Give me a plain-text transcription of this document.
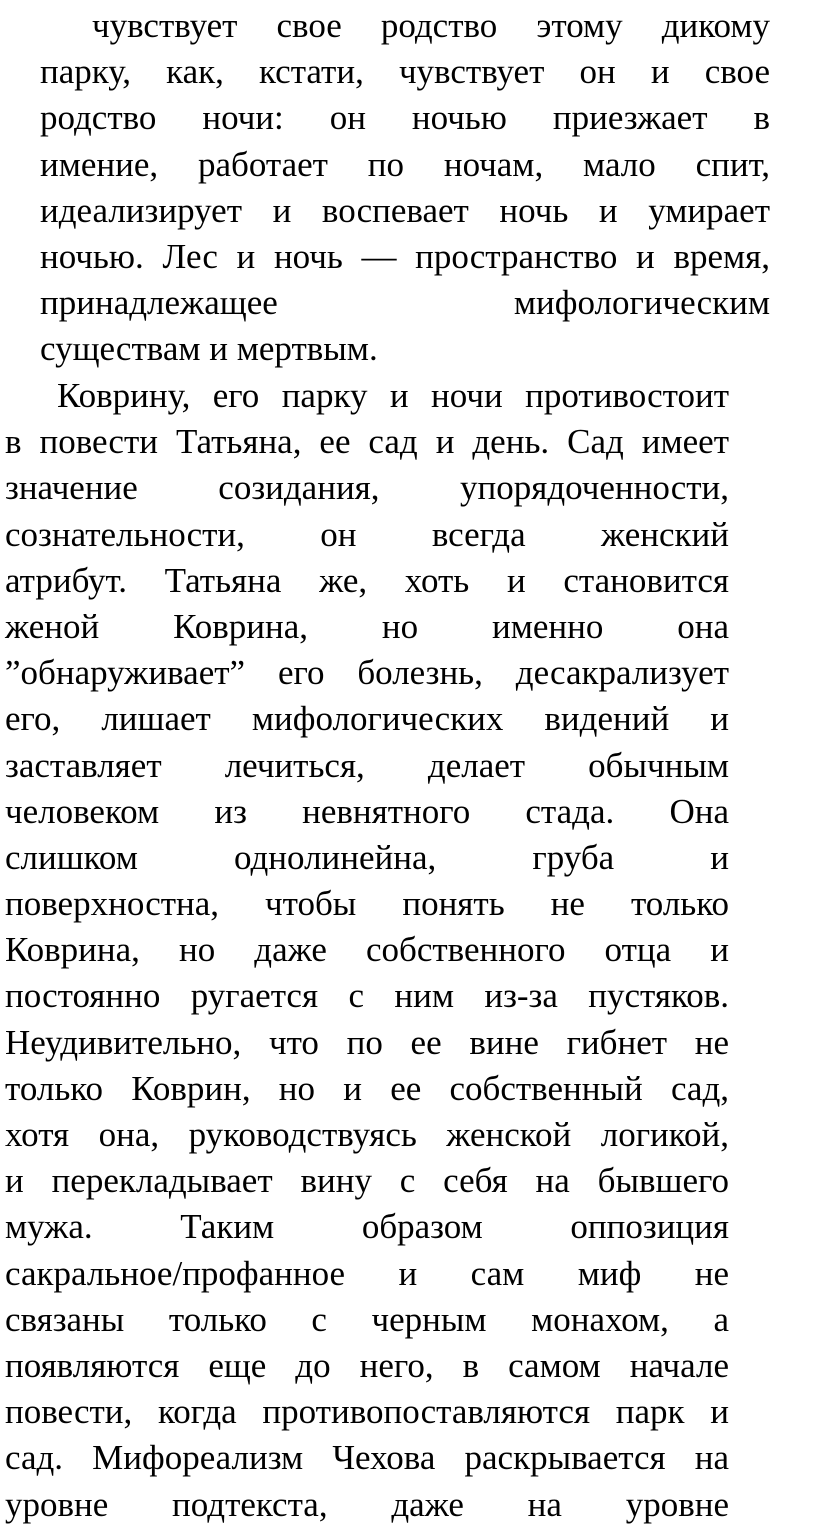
чувствует свое родство этому дикому
парку, как, кстати, чувствует он и свое
родство ночи: он ночью приезжает в
имение, работает по ночам, мало спит,
идеализирует и воспевает ночь и умирает
ночью. Лес и ночь — пространство и время,
принадлежащее мифологическим
существам и мертвым.
Коврину, его парку и ночи противостоит
в повести Татьяна, ее сад и день. Сад имеет
значение созидания, упорядоченности,
сознательности, он всегда женский
атрибут. Татьяна же, хоть и становится
женой Коврина, но именно она
”обнаруживает” его болезнь, десакрализует
его, лишает мифологических видений и
заставляет лечиться, делает обычным
человеком из невнятного стада. Она
слишком однолинейна, груба и
поверхностна, чтобы понять не только
Коврина, но даже собственного отца и
постоянно ругается с ним из-за пустяков.
Неудивительно, что по ее вине гибнет не
только Коврин, но и ее собственный сад,
хотя она, руководствуясь женской логикой,
и перекладывает вину с себя на бывшего
мужа. Таким образом оппозиция
сакральное/профанное и сам миф не
связаны только с черным монахом, а
появляются еще до него, в самом начале
повести, когда противопоставляются парк и
сад. Мифореализм Чехова раскрывается на
уровне подтекста, даже на уровне
